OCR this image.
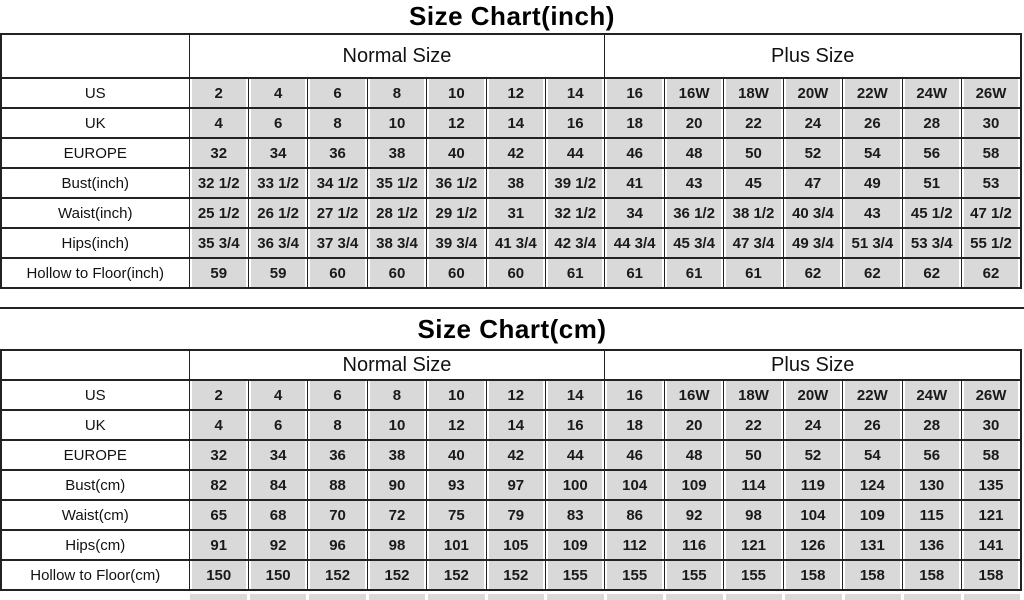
Size Chart(inch)
	Normal Size							Plus Size						
US	2	4	6	8	10	12	14	16	16W	18W	20W	22W	24W	26W
UK	4	6	8	10	12	14	16	18	20	22	24	26	28	30
EUROPE	32	34	36	38	40	42	44	46	48	50	52	54	56	58
Bust(inch)	32 1/2	33 1/2	34 1/2	35 1/2	36 1/2	38	39 1/2	41	43	45	47	49	51	53
Waist(inch)	25 1/2	26 1/2	27 1/2	28 1/2	29 1/2	31	32 1/2	34	36 1/2	38 1/2	40 3/4	43	45 1/2	47 1/2
Hips(inch)	35 3/4	36 3/4	37 3/4	38 3/4	39 3/4	41 3/4	42 3/4	44 3/4	45 3/4	47 3/4	49 3/4	51 3/4	53 3/4	55 1/2
Hollow to Floor(inch)	59	59	60	60	60	60	61	61	61	61	62	62	62	62
Size Chart(cm)
	Normal Size							Plus Size						
US	2	4	6	8	10	12	14	16	16W	18W	20W	22W	24W	26W
UK	4	6	8	10	12	14	16	18	20	22	24	26	28	30
EUROPE	32	34	36	38	40	42	44	46	48	50	52	54	56	58
Bust(cm)	82	84	88	90	93	97	100	104	109	114	119	124	130	135
Waist(cm)	65	68	70	72	75	79	83	86	92	98	104	109	115	121
Hips(cm)	91	92	96	98	101	105	109	112	116	121	126	131	136	141
Hollow to Floor(cm)	150	150	152	152	152	152	155	155	155	155	158	158	158	158
